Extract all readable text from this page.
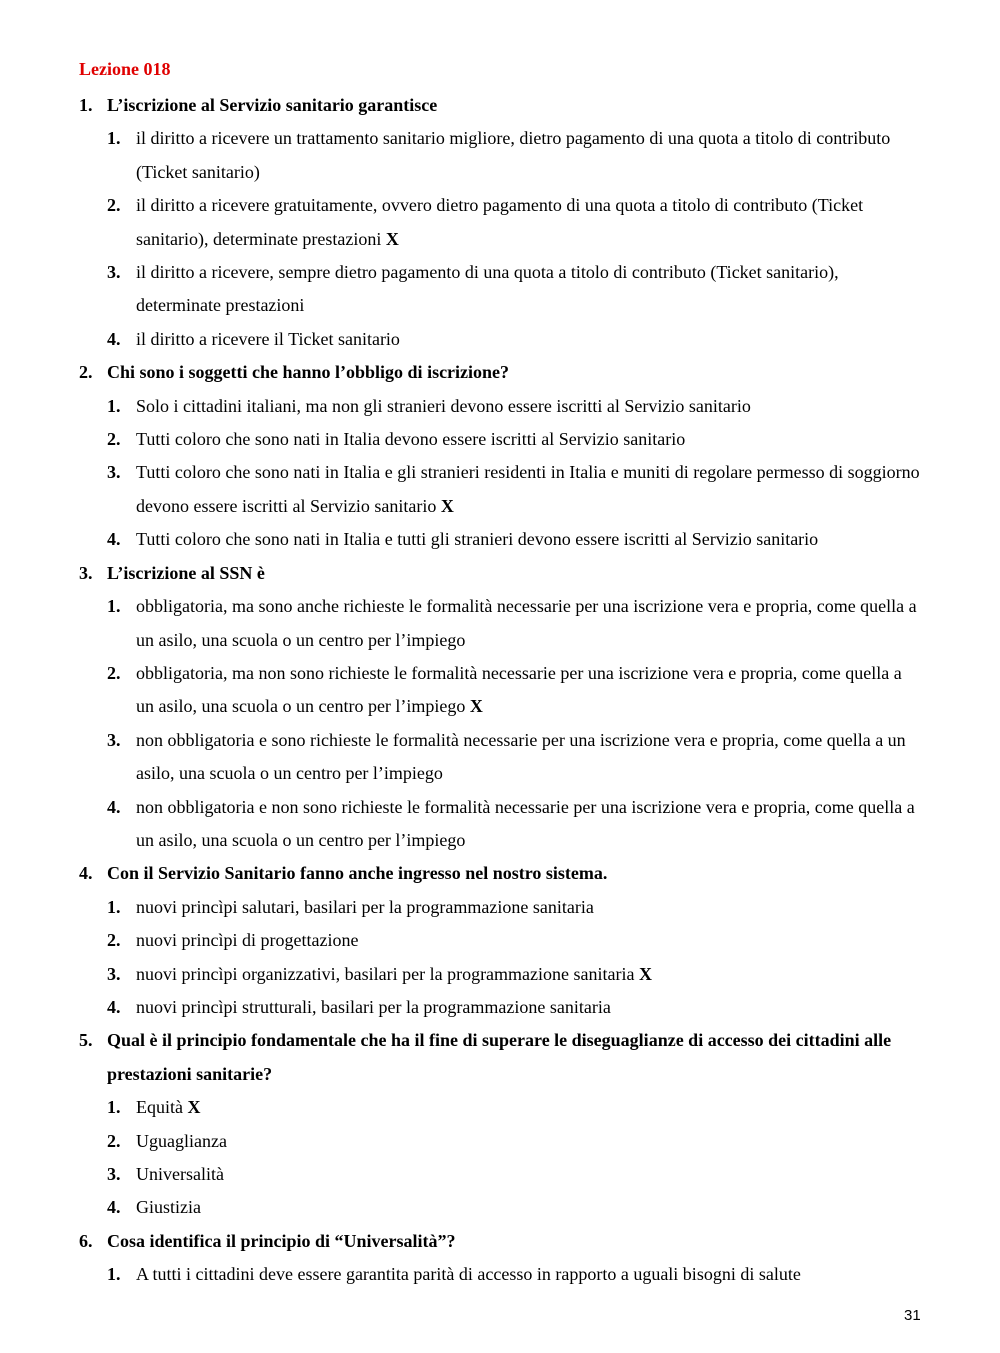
Lezione 018
1. L’iscrizione al Servizio sanitario garantisce
1. il diritto a ricevere un trattamento sanitario migliore, dietro pagamento di una quota a titolo di contributo (Ticket sanitario)
2. il diritto a ricevere gratuitamente, ovvero dietro pagamento di una quota a titolo di contributo (Ticket sanitario), determinate prestazioni X
3. il diritto a ricevere, sempre dietro pagamento di una quota a titolo di contributo (Ticket sanitario), determinate prestazioni
4. il diritto a ricevere il Ticket sanitario
2. Chi sono i soggetti che hanno l’obbligo di iscrizione?
1. Solo i cittadini italiani, ma non gli stranieri devono essere iscritti al Servizio sanitario
2. Tutti coloro che sono nati in Italia devono essere iscritti al Servizio sanitario
3. Tutti coloro che sono nati in Italia e gli stranieri residenti in Italia e muniti di regolare permesso di soggiorno devono essere iscritti al Servizio sanitario X
4. Tutti coloro che sono nati in Italia e tutti gli stranieri devono essere iscritti al Servizio sanitario
3. L’iscrizione al SSN è
1. obbligatoria, ma sono anche richieste le formalità necessarie per una iscrizione vera e propria, come quella a un asilo, una scuola o un centro per l’impiego
2. obbligatoria, ma non sono richieste le formalità necessarie per una iscrizione vera e propria, come quella a un asilo, una scuola o un centro per l’impiego X
3. non obbligatoria e sono richieste le formalità necessarie per una iscrizione vera e propria, come quella a un asilo, una scuola o un centro per l’impiego
4. non obbligatoria e non sono richieste le formalità necessarie per una iscrizione vera e propria, come quella a un asilo, una scuola o un centro per l’impiego
4. Con il Servizio Sanitario fanno anche ingresso nel nostro sistema.
1. nuovi princìpi salutari, basilari per la programmazione sanitaria
2. nuovi princìpi di progettazione
3. nuovi princìpi organizzativi, basilari per la programmazione sanitaria X
4. nuovi princìpi strutturali, basilari per la programmazione sanitaria
5. Qual è il principio fondamentale che ha il fine di superare le diseguaglianze di accesso dei cittadini alle prestazioni sanitarie?
1. Equità X
2. Uguaglianza
3. Universalità
4. Giustizia
6. Cosa identifica il principio di “Universalità”?
1. A tutti i cittadini deve essere garantita parità di accesso in rapporto a uguali bisogni di salute
31
